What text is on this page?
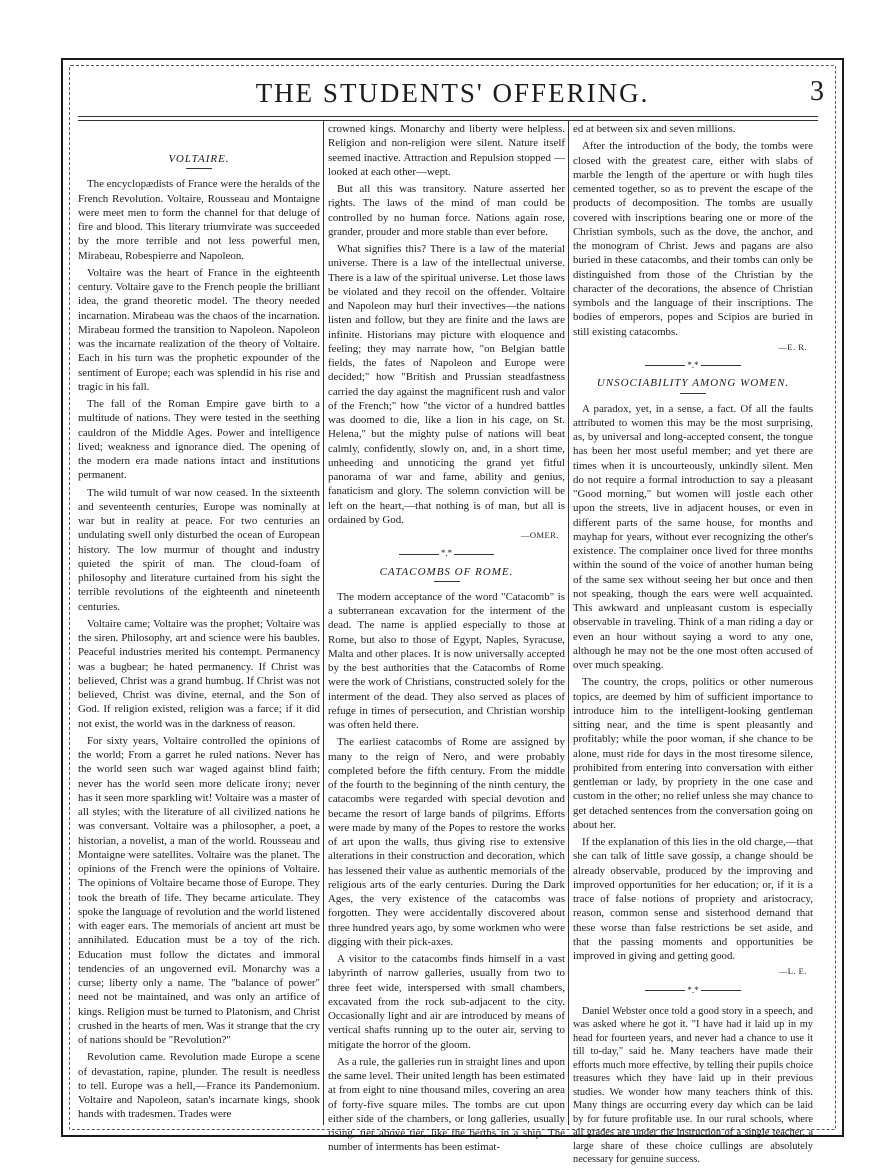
THE STUDENTS' OFFERING.	3
VOLTAIRE.

The encyclopædists of France were the heralds of the French Revolution. Voltaire, Rousseau and Montaigne were meet men to form the channel for that deluge of fire and blood. This literary triumvirate was succeeded by the more terrible and not less powerful men, Mirabeau, Robespierre and Napoleon.

Voltaire was the heart of France in the eighteenth century. Voltaire gave to the French people the brilliant idea, the grand theoretic model. The theory needed incarnation. Mirabeau was the chaos of the incarnation. Mirabeau formed the transition to Napoleon. Napoleon was the incarnate realization of the theory of Voltaire. Each in his turn was the prophetic expounder of the sentiment of Europe; each was splendid in his rise and tragic in his fall.

The fall of the Roman Empire gave birth to a multitude of nations. They were tested in the seething cauldron of the Middle Ages. Power and intelligence lived; weakness and ignorance died. The opening of the modern era made nations intact and institutions permanent.

The wild tumult of war now ceased. In the sixteenth and seventeenth centuries, Europe was nominally at war but in reality at peace. For two centuries an undulating swell only disturbed the ocean of European history. The low murmur of thought and industry quieted the spirit of man. The cloud-foam of philosophy and literature curtained from his sight the terrible revolutions of the eighteenth and nineteenth centuries.

Voltaire came; Voltaire was the prophet; Voltaire was the siren. Philosophy, art and science were his baubles. Peaceful industries merited his contempt. Permanency was a bugbear; he hated permanency. If Christ was believed, Christ was a grand humbug. If Christ was not believed, Christ was divine, eternal, and the Son of God. If religion existed, religion was a farce; if it did not exist, the world was in the darkness of reason.

For sixty years, Voltaire controlled the opinions of the world; From a garret he ruled nations. Never has the world seen such war waged against blind faith; never has the world seen more delicate irony; never has it seen more sparkling wit! Voltaire was a master of all styles; with the literature of all civilized nations he was conversant. Voltaire was a philosopher, a poet, a historian, a novelist, a man of the world. Rousseau and Montaigne were satellites. Voltaire was the planet. The opinions of the French were the opinions of Voltaire. The opinions of Voltaire became those of Europe. They took the breath of life. They became articulate. They spoke the language of revolution and the world listened with eager ears. The memorials of ancient art must be annihilated. Education must be a toy of the rich. Education must follow the dictates and immoral tendencies of an ungoverned evil. Monarchy was a curse; liberty only a name. The "balance of power" need not be maintained, and was only an artifice of kings. Religion must be turned to Platonism, and Christ crushed in the hearts of men. Was it strange that the cry of nations should be "Revolution?"

Revolution came. Revolution made Europe a scene of devastation, rapine, plunder. The result is needless to tell. Europe was a hell,—France its Pandemonium. Voltaire and Napoleon, satan's incarnate kings, shook hands with tradesmen. Trades were

crowned kings. Monarchy and liberty were helpless. Religion and non-religion were silent. Nature itself seemed inactive. Attraction and Repulsion stopped —looked at each other—wept.

But all this was transitory. Nature asserted her rights. The laws of the mind of man could be controlled by no human force. Nations again rose, grander, prouder and more stable than ever before.

What signifies this? There is a law of the material universe. There is a law of the intellectual universe. There is a law of the spiritual universe. Let those laws be violated and they recoil on the offender. Voltaire and Napoleon may hurl their invectives—the nations listen and follow, but they are finite and the laws are infinite. Historians may picture with eloquence and feeling; they may narrate how, "on Belgian battle fields, the fates of Napoleon and Europe were decided;" how "British and Prussian steadfastness carried the day against the magnificent rush and valor of the French;" how "the victor of a hundred battles was doomed to die, like a lion in his cage, on St. Helena," but the mighty pulse of nations will beat calmly, confidently, slowly on, and, in a short time, unheeding and unnoticing the grand yet fitful panorama of war and fame, ability and genius, fanaticism and glory. The solemn conviction will be left on the heart,—that nothing is of man, but all is ordained by God.

—OMER.
*.*
CATACOMBS OF ROME.

The modern acceptance of the word "Catacomb" is a subterranean excavation for the interment of the dead. The name is applied especially to those at Rome, but also to those of Egypt, Naples, Syracuse, Malta and other places. It is now universally accepted by the best authorities that the Catacombs of Rome were the work of Christians, constructed solely for the interment of the dead. They also served as places of refuge in times of persecution, and Christian worship was often held there.

The earliest catacombs of Rome are assigned by many to the reign of Nero, and were probably completed before the fifth century. From the middle of the fourth to the beginning of the ninth century, the catacombs were regarded with special devotion and became the resort of large bands of pilgrims. Efforts were made by many of the Popes to restore the works of art upon the walls, thus giving rise to extensive alterations in their construction and decoration, which has lessened their value as authentic memorials of the religious arts of the early centuries. During the Dark Ages, the very existence of the catacombs was forgotten. They were accidentally discovered about three hundred years ago, by some workmen who were digging with their pick-axes.

A visitor to the catacombs finds himself in a vast labyrinth of narrow galleries, usually from two to three feet wide, interspersed with small chambers, excavated from the rock sub-adjacent to the city. Occasionally light and air are introduced by means of vertical shafts running up to the outer air, serving to mitigate the horror of the gloom.

As a rule, the galleries run in straight lines and upon the same level. Their united length has been estimated at from eight to nine thousand miles, covering an area of forty-five square miles. The tombs are cut upon either side of the chambers, or long galleries, usually rising, tier above tier, like the berths in a ship. The number of interments has been estimat-

ed at between six and seven millions.

After the introduction of the body, the tombs were closed with the greatest care, either with slabs of marble the length of the aperture or with hugh tiles cemented together, so as to prevent the escape of the products of decomposition. The tombs are usually covered with inscriptions bearing one or more of the Christian symbols, such as the dove, the anchor, and the monogram of Christ. Jews and pagans are also buried in these catacombs, and their tombs can only be distinguished from those of the Christian by the character of the decorations, the absence of Christian symbols and the language of their inscriptions. The bodies of emperors, popes and Scipios are buried in still existing catacombs.

—E. R.
*.*
UNSOCIABILITY AMONG WOMEN.

A paradox, yet, in a sense, a fact. Of all the faults attributed to women this may be the most surprising, as, by universal and long-accepted consent, the tongue has been her most useful member; and yet there are times when it is uncourteously, unkindly silent. Men do not require a formal introduction to say a pleasant "Good morning," but women will jostle each other upon the streets, live in adjacent houses, or even in different parts of the same house, for months and mayhap for years, without ever recognizing the other's existence. The complainer once lived for three months within the sound of the voice of another human being of the same sex without seeing her but once and then not speaking, though the ears were well acquainted. This awkward and unpleasant custom is especially observable in traveling. Think of a man riding a day or even an hour without saying a word to any one, although he may not be the one most often accused of over much speaking.

The country, the crops, politics or other numerous topics, are deemed by him of sufficient importance to introduce him to the intelligent-looking gentleman sitting near, and the time is spent pleasantly and profitably; while the poor woman, if she chance to be alone, must ride for days in the most tiresome silence, prohibited from entering into conversation with either gentleman or lady, by propriety in the one case and custom in the other; no relief unless she may chance to get detached sentences from the conversation going on about her.

If the explanation of this lies in the old charge,—that she can talk of little save gossip, a change should be already observable, produced by the improving and improved opportunities for her education; or, if it is a trace of false notions of propriety and aristocracy, reason, common sense and sisterhood demand that these worse than false restrictions be set aside, and that the passing moments and opportunities be improved in giving and getting good.

—L. E.
*.*

Daniel Webster once told a good story in a speech, and was asked where he got it. "I have had it laid up in my head for fourteen years, and never had a chance to use it till to-day," said he. Many teachers have made their efforts much more effective, by telling their pupils choice treasures which they have laid up in their previous studies. We wonder how many teachers think of this. Many things are occurring every day which can be laid by for future profitable use. In our rural schools, where all grades are under the instruction of a single teacher, a large share of these choice cullings are absolutely necessary for genuine success.
